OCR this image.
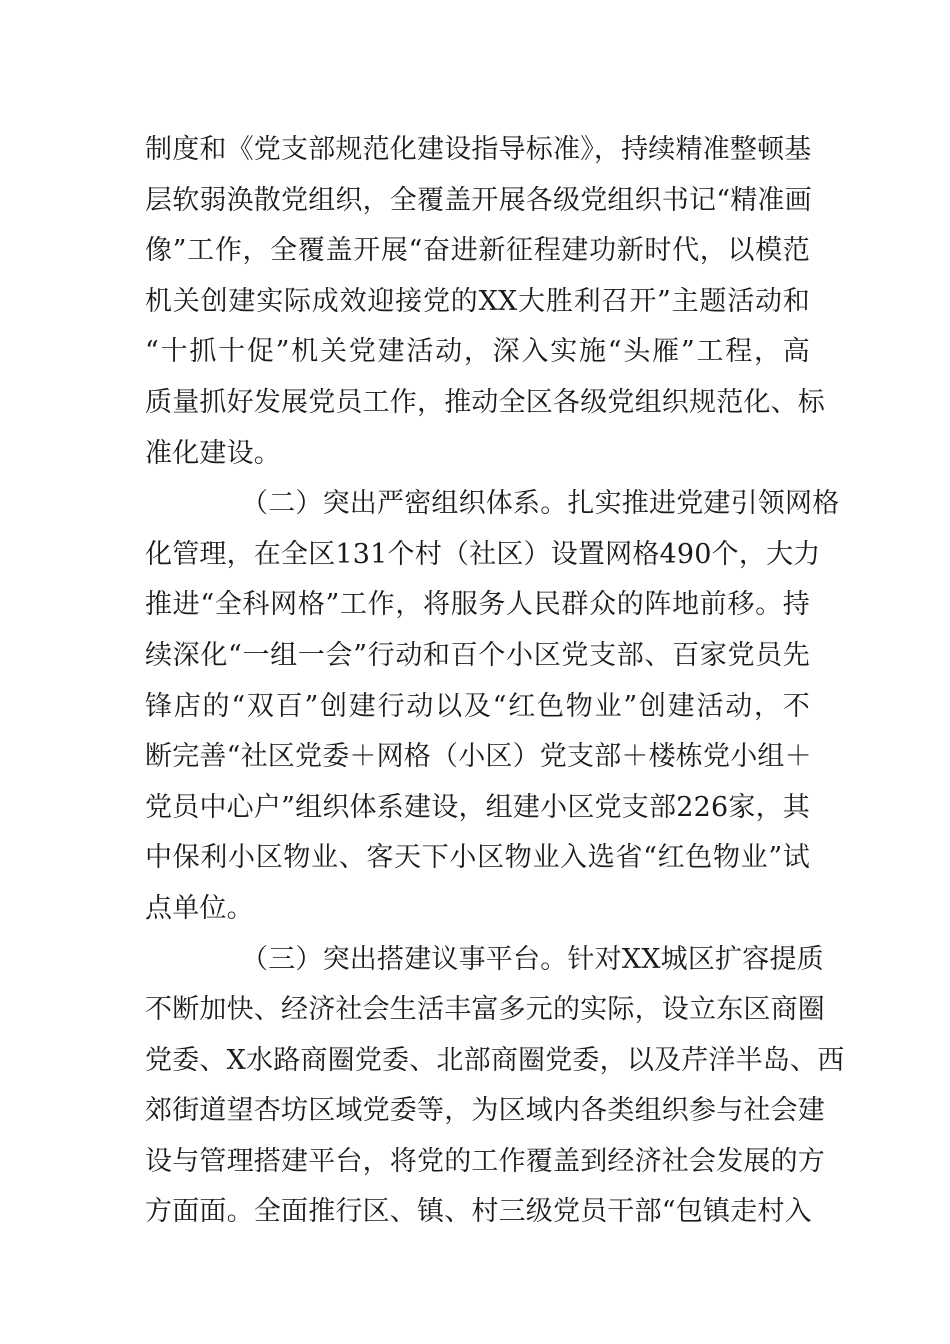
制度和《党支部规范化建设指导标准》，持续精准整顿基
层软弱涣散党组织，全覆盖开展各级党组织书记“精准画
像”工作，全覆盖开展“奋进新征程建功新时代，以模范
机关创建实际成效迎接党的XX大胜利召开”主题活动和
“十抓十促”机关党建活动，深入实施“头雁”工程，高
质量抓好发展党员工作，推动全区各级党组织规范化、标
准化建设。
（二）突出严密组织体系。扎实推进党建引领网格
化管理，在全区131个村（社区）设置网格490个，大力
推进“全科网格”工作，将服务人民群众的阵地前移。持
续深化“一组一会”行动和百个小区党支部、百家党员先
锋店的“双百”创建行动以及“红色物业”创建活动，不
断完善“社区党委＋网格（小区）党支部＋楼栋党小组＋
党员中心户”组织体系建设，组建小区党支部226家，其
中保利小区物业、客天下小区物业入选省“红色物业”试
点单位。
（三）突出搭建议事平台。针对XX城区扩容提质
不断加快、经济社会生活丰富多元的实际，设立东区商圈
党委、X水路商圈党委、北部商圈党委，以及芹洋半岛、西
郊街道望杏坊区域党委等，为区域内各类组织参与社会建
设与管理搭建平台，将党的工作覆盖到经济社会发展的方
方面面。全面推行区、镇、村三级党员干部“包镇走村入
